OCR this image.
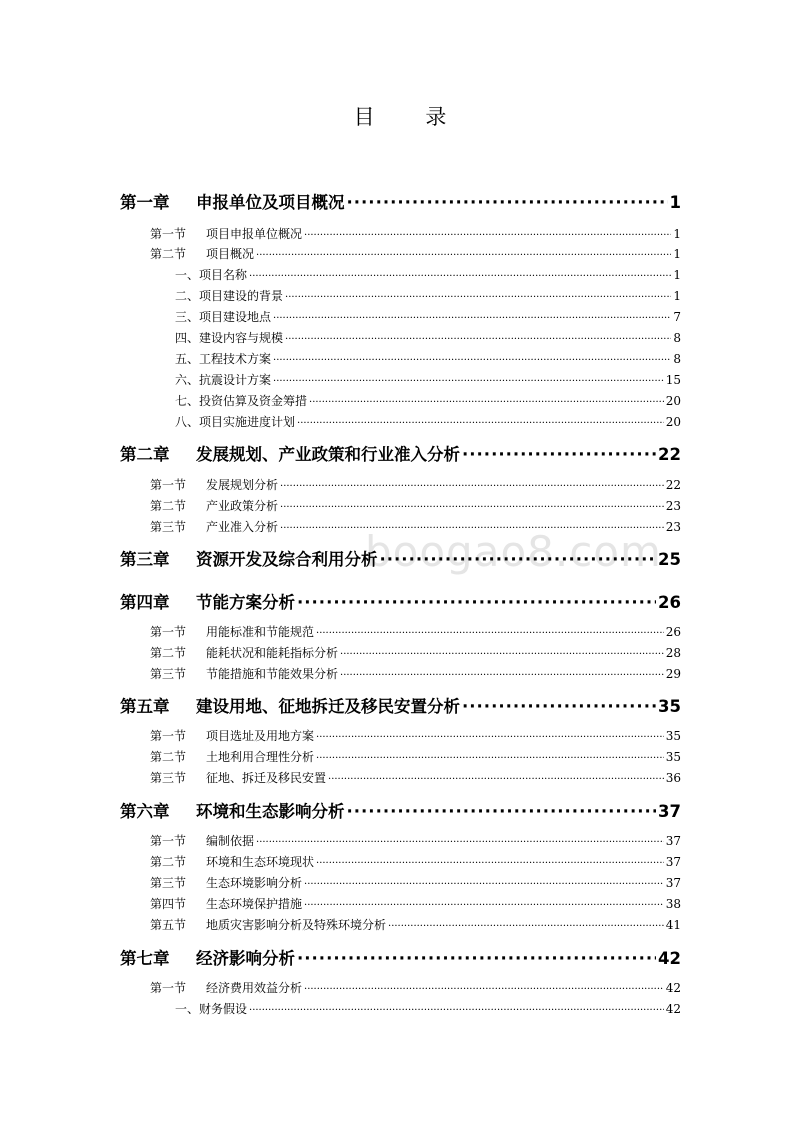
目 录
boogao8.com
第一章	申报单位及项目概况 ·····	1
第一节	项目申报单位概况 ·····	1
第二节	项目概况 ·····	1
一、项目名称 ·····	1
二、项目建设的背景 ·····	1
三、项目建设地点 ·····	7
四、建设内容与规模 ·····	8
五、工程技术方案 ·····	8
六、抗震设计方案 ·····	15
七、投资估算及资金筹措 ·····	20
八、项目实施进度计划 ·····	20
第二章	发展规划、产业政策和行业准入分析 ·····	22
第一节	发展规划分析 ·····	22
第二节	产业政策分析 ·····	23
第三节	产业准入分析 ·····	23
第三章	资源开发及综合利用分析 ·····	25
第四章	节能方案分析 ·····	26
第一节	用能标准和节能规范 ·····	26
第二节	能耗状况和能耗指标分析 ·····	28
第三节	节能措施和节能效果分析 ·····	29
第五章	建设用地、征地拆迁及移民安置分析 ·····	35
第一节	项目选址及用地方案 ·····	35
第二节	土地利用合理性分析 ·····	35
第三节	征地、拆迁及移民安置 ·····	36
第六章	环境和生态影响分析 ·····	37
第一节	编制依据 ·····	37
第二节	环境和生态环境现状 ·····	37
第三节	生态环境影响分析 ·····	37
第四节	生态环境保护措施 ·····	38
第五节	地质灾害影响分析及特殊环境分析 ·····	41
第七章	经济影响分析 ·····	42
第一节	经济费用效益分析 ·····	42
一、财务假设 ·····	42
